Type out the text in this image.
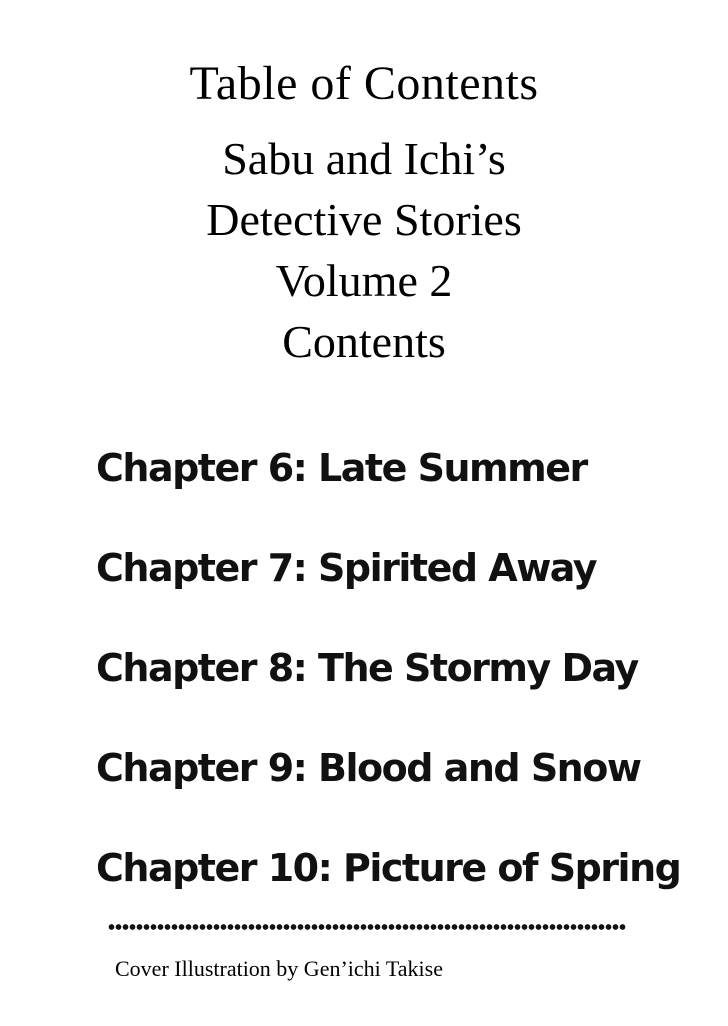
Table of Contents
Sabu and Ichi’s
Detective Stories
Volume 2
Contents
Chapter 6: Late Summer
Chapter 7: Spirited Away
Chapter 8: The Stormy Day
Chapter 9: Blood and Snow
Chapter 10: Picture of Spring
Cover Illustration by Gen’ichi Takise
